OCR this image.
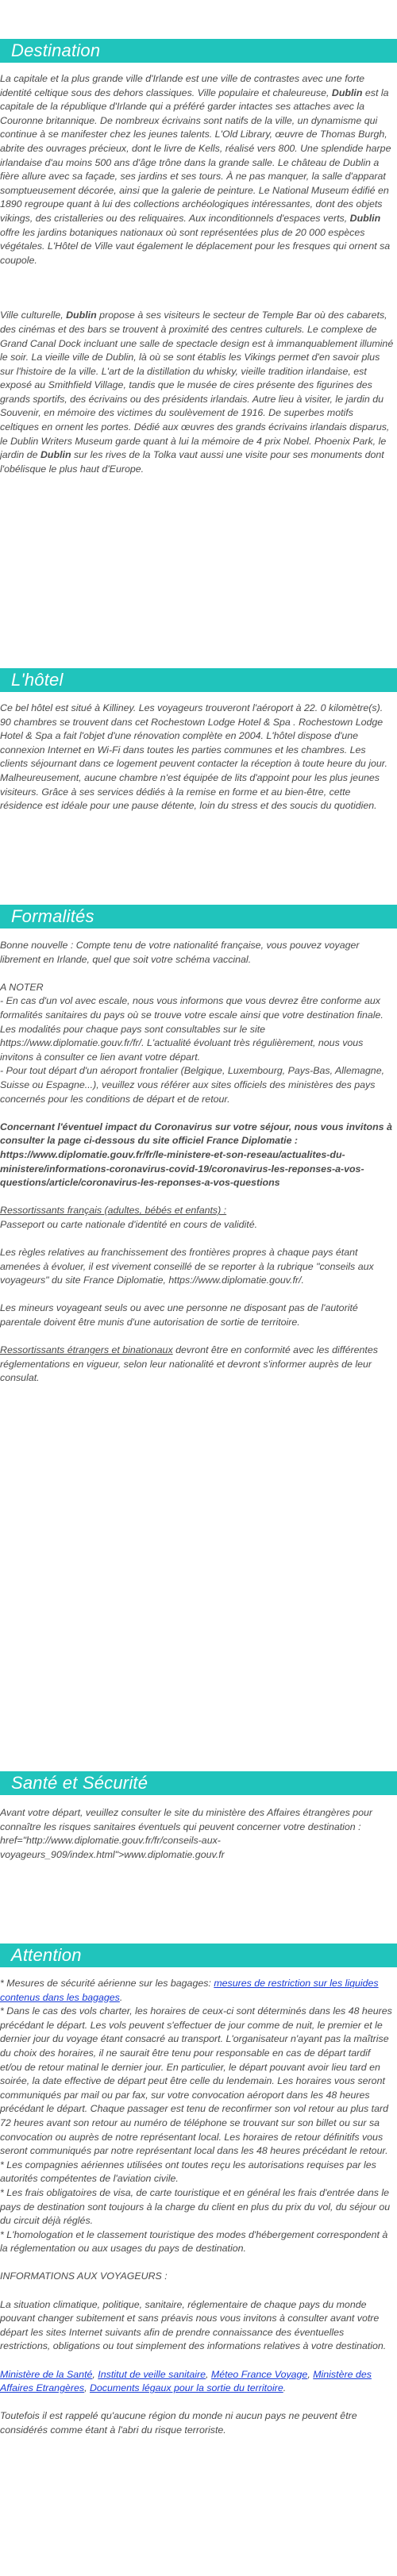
Destination

La capitale et la plus grande ville d'Irlande est une ville de contrastes avec une forte identité celtique sous des dehors classiques. Ville populaire et chaleureuse, Dublin est la capitale de la république d'Irlande qui a préféré garder intactes ses attaches avec la Couronne britannique. De nombreux écrivains sont natifs de la ville, un dynamisme qui continue à se manifester chez les jeunes talents. L'Old Library, œuvre de Thomas Burgh, abrite des ouvrages précieux, dont le livre de Kells, réalisé vers 800. Une splendide harpe irlandaise d'au moins 500 ans d'âge trône dans la grande salle. Le château de Dublin a fière allure avec sa façade, ses jardins et ses tours. À ne pas manquer, la salle d'apparat somptueusement décorée, ainsi que la galerie de peinture. Le National Museum édifié en 1890 regroupe quant à lui des collections archéologiques intéressantes, dont des objets vikings, des cristalleries ou des reliquaires. Aux inconditionnels d'espaces verts, Dublin offre les jardins botaniques nationaux où sont représentées plus de 20 000 espèces végétales. L'Hôtel de Ville vaut également le déplacement pour les fresques qui ornent sa coupole.

Ville culturelle, Dublin propose à ses visiteurs le secteur de Temple Bar où des cabarets, des cinémas et des bars se trouvent à proximité des centres culturels. Le complexe de Grand Canal Dock incluant une salle de spectacle design est à immanquablement illuminé le soir. La vieille ville de Dublin, là où se sont établis les Vikings permet d'en savoir plus sur l'histoire de la ville. L'art de la distillation du whisky, vieille tradition irlandaise, est exposé au Smithfield Village, tandis que le musée de cires présente des figurines des grands sportifs, des écrivains ou des présidents irlandais. Autre lieu à visiter, le jardin du Souvenir, en mémoire des victimes du soulèvement de 1916. De superbes motifs celtiques en ornent les portes. Dédié aux œuvres des grands écrivains irlandais disparus, le Dublin Writers Museum garde quant à lui la mémoire de 4 prix Nobel. Phoenix Park, le jardin de Dublin sur les rives de la Tolka vaut aussi une visite pour ses monuments dont l'obélisque le plus haut d'Europe.

L'hôtel

Ce bel hôtel est situé à Killiney. Les voyageurs trouveront l'aéroport à 22. 0 kilomètre(s). 90 chambres se trouvent dans cet Rochestown Lodge Hotel & Spa . Rochestown Lodge Hotel & Spa a fait l'objet d'une rénovation complète en 2004. L'hôtel dispose d'une connexion Internet en Wi-Fi dans toutes les parties communes et les chambres. Les clients séjournant dans ce logement peuvent contacter la réception à toute heure du jour. Malheureusement, aucune chambre n'est équipée de lits d'appoint pour les plus jeunes visiteurs. Grâce à ses services dédiés à la remise en forme et au bien-être, cette résidence est idéale pour une pause détente, loin du stress et des soucis du quotidien.

Formalités

Bonne nouvelle : Compte tenu de votre nationalité française, vous pouvez voyager librement en Irlande, quel que soit votre schéma vaccinal.

A NOTER

- En cas d'un vol avec escale, nous vous informons que vous devrez être conforme aux formalités sanitaires du pays où se trouve votre escale ainsi que votre destination finale.

Les modalités pour chaque pays sont consultables sur le site https://www.diplomatie.gouv.fr/fr/. L'actualité évoluant très régulièrement, nous vous invitons à consulter ce lien avant votre départ.

- Pour tout départ d'un aéroport frontalier (Belgique, Luxembourg, Pays-Bas, Allemagne, Suisse ou Espagne...), veuillez vous référer aux sites officiels des ministères des pays concernés pour les conditions de départ et de retour.

Concernant l'éventuel impact du Coronavirus sur votre séjour, nous vous invitons à consulter la page ci-dessous du site officiel France Diplomatie : https://www.diplomatie.gouv.fr/fr/le-ministere-et-son-reseau/actualites-du-ministere/informations-coronavirus-covid-19/coronavirus-les-reponses-a-vos-questions/article/coronavirus-les-reponses-a-vos-questions

Ressortissants français (adultes, bébés et enfants) :

Passeport ou carte nationale d'identité en cours de validité.

Les règles relatives au franchissement des frontières propres à chaque pays étant amenées à évoluer, il est vivement conseillé de se reporter à la rubrique "conseils aux voyageurs" du site France Diplomatie, https://www.diplomatie.gouv.fr/.

Les mineurs voyageant seuls ou avec une personne ne disposant pas de l'autorité parentale doivent être munis d'une autorisation de sortie de territoire.

Ressortissants étrangers et binationaux devront être en conformité avec les différentes réglementations en vigueur, selon leur nationalité et devront s'informer auprès de leur consulat.

Santé et Sécurité

Avant votre départ, veuillez consulter le site du ministère des Affaires étrangères pour connaître les risques sanitaires éventuels qui peuvent concerner votre destination : href="http://www.diplomatie.gouv.fr/fr/conseils-aux-voyageurs_909/index.html">www.diplomatie.gouv.fr

Attention

* Mesures de sécurité aérienne sur les bagages: mesures de restriction sur les liquides contenus dans les bagages.

* Dans le cas des vols charter, les horaires de ceux-ci sont déterminés dans les 48 heures précédant le départ. Les vols peuvent s'effectuer de jour comme de nuit, le premier et le dernier jour du voyage étant consacré au transport. L'organisateur n'ayant pas la maîtrise du choix des horaires, il ne saurait être tenu pour responsable en cas de départ tardif et/ou de retour matinal le dernier jour. En particulier, le départ pouvant avoir lieu tard en soirée, la date effective de départ peut être celle du lendemain. Les horaires vous seront communiqués par mail ou par fax, sur votre convocation aéroport dans les 48 heures précédant le départ. Chaque passager est tenu de reconfirmer son vol retour au plus tard 72 heures avant son retour au numéro de téléphone se trouvant sur son billet ou sur sa convocation ou auprès de notre représentant local. Les horaires de retour définitifs vous seront communiqués par notre représentant local dans les 48 heures précédant le retour.

* Les compagnies aériennes utilisées ont toutes reçu les autorisations requises par les autorités compétentes de l'aviation civile.

* Les frais obligatoires de visa, de carte touristique et en général les frais d'entrée dans le pays de destination sont toujours à la charge du client en plus du prix du vol, du séjour ou du circuit déjà réglés.

* L'homologation et le classement touristique des modes d'hébergement correspondent à la réglementation ou aux usages du pays de destination.

INFORMATIONS AUX VOYAGEURS :

La situation climatique, politique, sanitaire, réglementaire de chaque pays du monde pouvant changer subitement et sans préavis nous vous invitons à consulter avant votre départ les sites Internet suivants afin de prendre connaissance des éventuelles restrictions, obligations ou tout simplement des informations relatives à votre destination.

Ministère de la Santé, Institut de veille sanitaire, Méteo France Voyage, Ministère des Affaires Etrangères, Documents légaux pour la sortie du territoire.

Toutefois il est rappelé qu'aucune région du monde ni aucun pays ne peuvent être considérés comme étant à l'abri du risque terroriste.
